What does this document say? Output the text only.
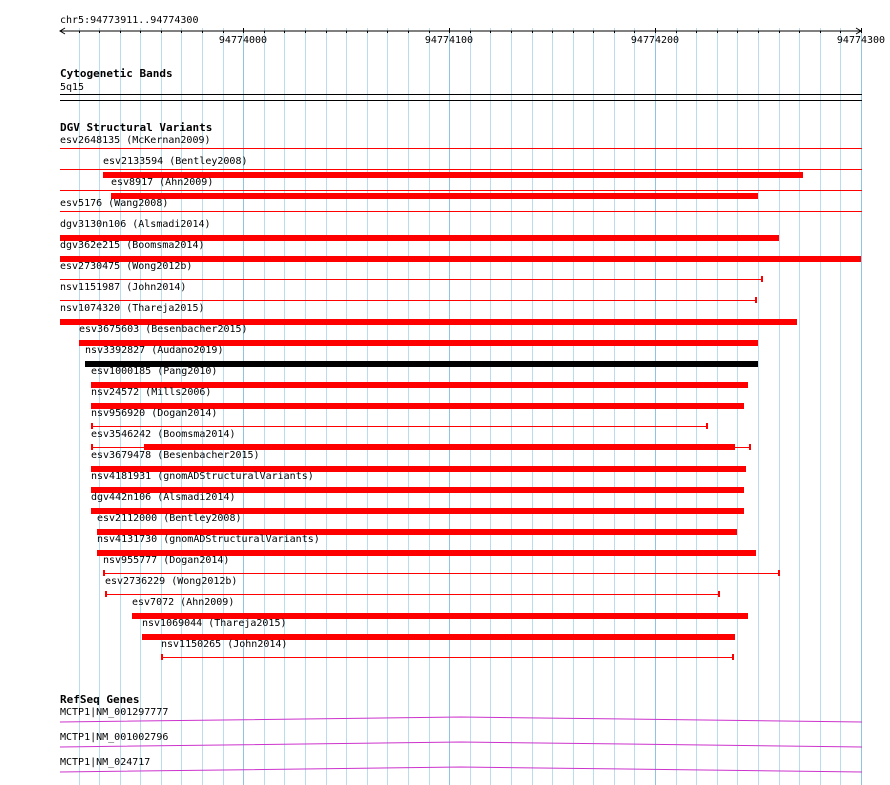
chr5:94773911..94774300
94774000	94774100	94774200	94774300
Cytogenetic Bands
5q15
DGV Structural Variants
esv2648135 (McKernan2009)
esv2133594 (Bentley2008)
esv8917 (Ahn2009)
esv5176 (Wang2008)
dgv3130n106 (Alsmadi2014)
dgv362e215 (Boomsma2014)
esv2730475 (Wong2012b)
nsv1151987 (John2014)
nsv1074320 (Thareja2015)
esv3675603 (Besenbacher2015)
nsv3392827 (Audano2019)
esv1000185 (Pang2010)
nsv24572 (Mills2006)
nsv956920 (Dogan2014)
esv3546242 (Boomsma2014)
esv3679478 (Besenbacher2015)
nsv4181931 (gnomADStructuralVariants)
dgv442n106 (Alsmadi2014)
esv2112000 (Bentley2008)
nsv4131730 (gnomADStructuralVariants)
nsv955777 (Dogan2014)
esv2736229 (Wong2012b)
esv7072 (Ahn2009)
nsv1069044 (Thareja2015)
nsv1150265 (John2014)
RefSeq Genes
MCTP1|NM_001297777
MCTP1|NM_001002796
MCTP1|NM_024717
